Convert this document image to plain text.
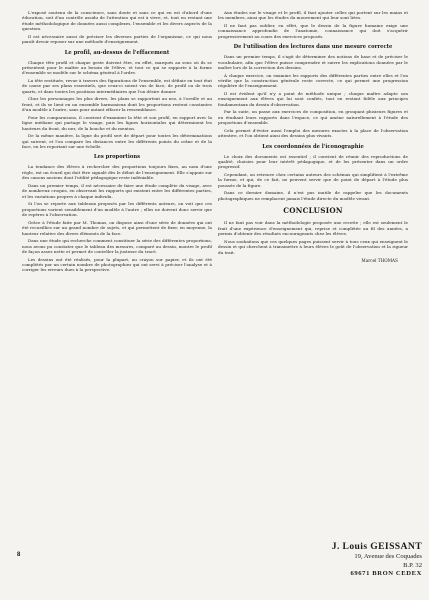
L'exposé soutenu de la conscience, sans doute et sans ce qui en est d'abord d'une éducation, soit d'un contrôle assidu de l'attention qui est à vivre, et, tout en restant une étude méthodologique de données aussi complexes, l'ensemble et les divers aspects de la question.

Il est nécessaire aussi de préciser les diverses parties de l'organisme, ce qui nous paraît devoir reposer sur une méthode d'enseignement.

Le profil, au-dessus de l'effacement

Chaque tête profil et chaque geste doivent être, en effet, marqués au sens où ils se présentent pour le maître au besoin de l'élève, et tout ce qui se rapporte à la forme d'ensemble se modèle sur le schéma général à l'ordre.

La tête restituée, revue à travers des figurations de l'ensemble, est définie en tout état de cause par ses plans essentiels, que ceux-ci soient vus de face, de profil ou de trois quarts, et dans toutes les positions intermédiaires que l'on désire donner.

Chez les personnages les plus divers, les plans se rapportent au nez, à l'oreille et au front, et ils se lient en un ensemble harmonieux dont les proportions restent constantes d'un modèle à l'autre, sans pour autant effacer la ressemblance.

Pour les comparaisons, il convient d'examiner la tête et son profil, en rapport avec la ligne médiane qui partage le visage, puis les lignes horizontales qui déterminent les hauteurs du front, du nez, de la bouche et du menton.

De la même manière, la ligne du profil sert de départ pour toutes les déterminations qui suivent, et l'on compare les distances entre les différents points du crâne et de la face, en les reportant sur une échelle.

Les proportions

La tendance des élèves à rechercher des proportions toujours fixes, au nom d'une règle, est un écueil qui doit être signalé dès le début de l'enseignement. Elle s'appuie sur des canons anciens dont l'utilité pédagogique reste indéniable.

Dans un premier temps, il est nécessaire de faire une étude complète du visage, avec de nombreux croquis, en observant les rapports qui existent entre les différentes parties, et les variations propres à chaque individu.

Si l'on se reporte aux tableaux proposés par les différents auteurs, on voit que ces proportions varient sensiblement d'un modèle à l'autre ; elles ne doivent donc servir que de repères à l'observation.

Grâce à l'étude faite par M. Thomas, on dispose ainsi d'une série de données qui ont été recueillies sur un grand nombre de sujets, et qui permettent de fixer, en moyenne, la hauteur relative des divers éléments de la face.

Dans une étude qui recherche comment constituer la série des différentes proportions, nous avons pu constater que le tableau des mesures, comparé au dessin, montre le profil de façon assez nette et permet de contrôler la justesse du tracé.

Les dessins ont été réalisés, pour la plupart, au crayon sur papier, et ils ont été complétés par un certain nombre de photographies qui ont servi à préciser l'analyse et à corriger les erreurs dues à la perspective.

Aux études sur le visage et le profil, il faut ajouter celles qui portent sur les mains et les membres, ainsi que les études du mouvement qui leur sont liées.

Il ne faut pas oublier, en effet, que le dessin de la figure humaine exige une connaissance approfondie de l'anatomie, connaissance qui doit s'acquérir progressivement au cours des exercices proposés.

De l'utilisation des lectures dans une mesure correcte

Dans un premier temps, il s'agit de déterminer des notions de base et de préciser le vocabulaire, afin que l'élève puisse comprendre et suivre les explications données par le maître lors de la correction des dessins.

À chaque exercice, on examine les rapports des différentes parties entre elles et l'on vérifie que la construction générale reste correcte, ce qui permet une progression régulière de l'enseignement.

Il est évident qu'il n'y a point de méthode unique ; chaque maître adapte son enseignement aux élèves qui lui sont confiés, tout en restant fidèle aux principes fondamentaux du dessin d'observation.

Par la suite, on passe aux exercices de composition, en groupant plusieurs figures et en étudiant leurs rapports dans l'espace, ce qui amène naturellement à l'étude des proportions d'ensemble.

Cela permet d'éviter aussi l'emploi des mesures exactes à la place de l'observation attentive, et l'on obtient ainsi des dessins plus vivants.

Les coordonnées de l'iconographie

Le choix des documents est essentiel ; il convient de réunir des reproductions de qualité, choisies pour leur intérêt pédagogique, et de les présenter dans un ordre progressif.

Cependant, on retrouve chez certains auteurs des schémas qui simplifient à l'extrême la forme, et qui, de ce fait, ne peuvent servir que de point de départ à l'étude plus poussée de la figure.

Dans ce dernier domaine, il n'est pas inutile de rappeler que les documents photographiques ne remplacent jamais l'étude directe du modèle vivant.

CONCLUSION

Il ne faut pas voir dans la méthodologie proposée une recette ; elle est seulement le fruit d'une expérience d'enseignement qui, reprise et complétée au fil des années, a permis d'obtenir des résultats encourageants chez les élèves.

Nous souhaitons que ces quelques pages puissent servir à tous ceux qui enseignent le dessin et qui cherchent à transmettre à leurs élèves le goût de l'observation et la rigueur du trait.

Marcel THOMAS
8
J. Louis GEISSANT
19, Avenue des Coquades
B.P. 32
69671 BRON CEDEX
